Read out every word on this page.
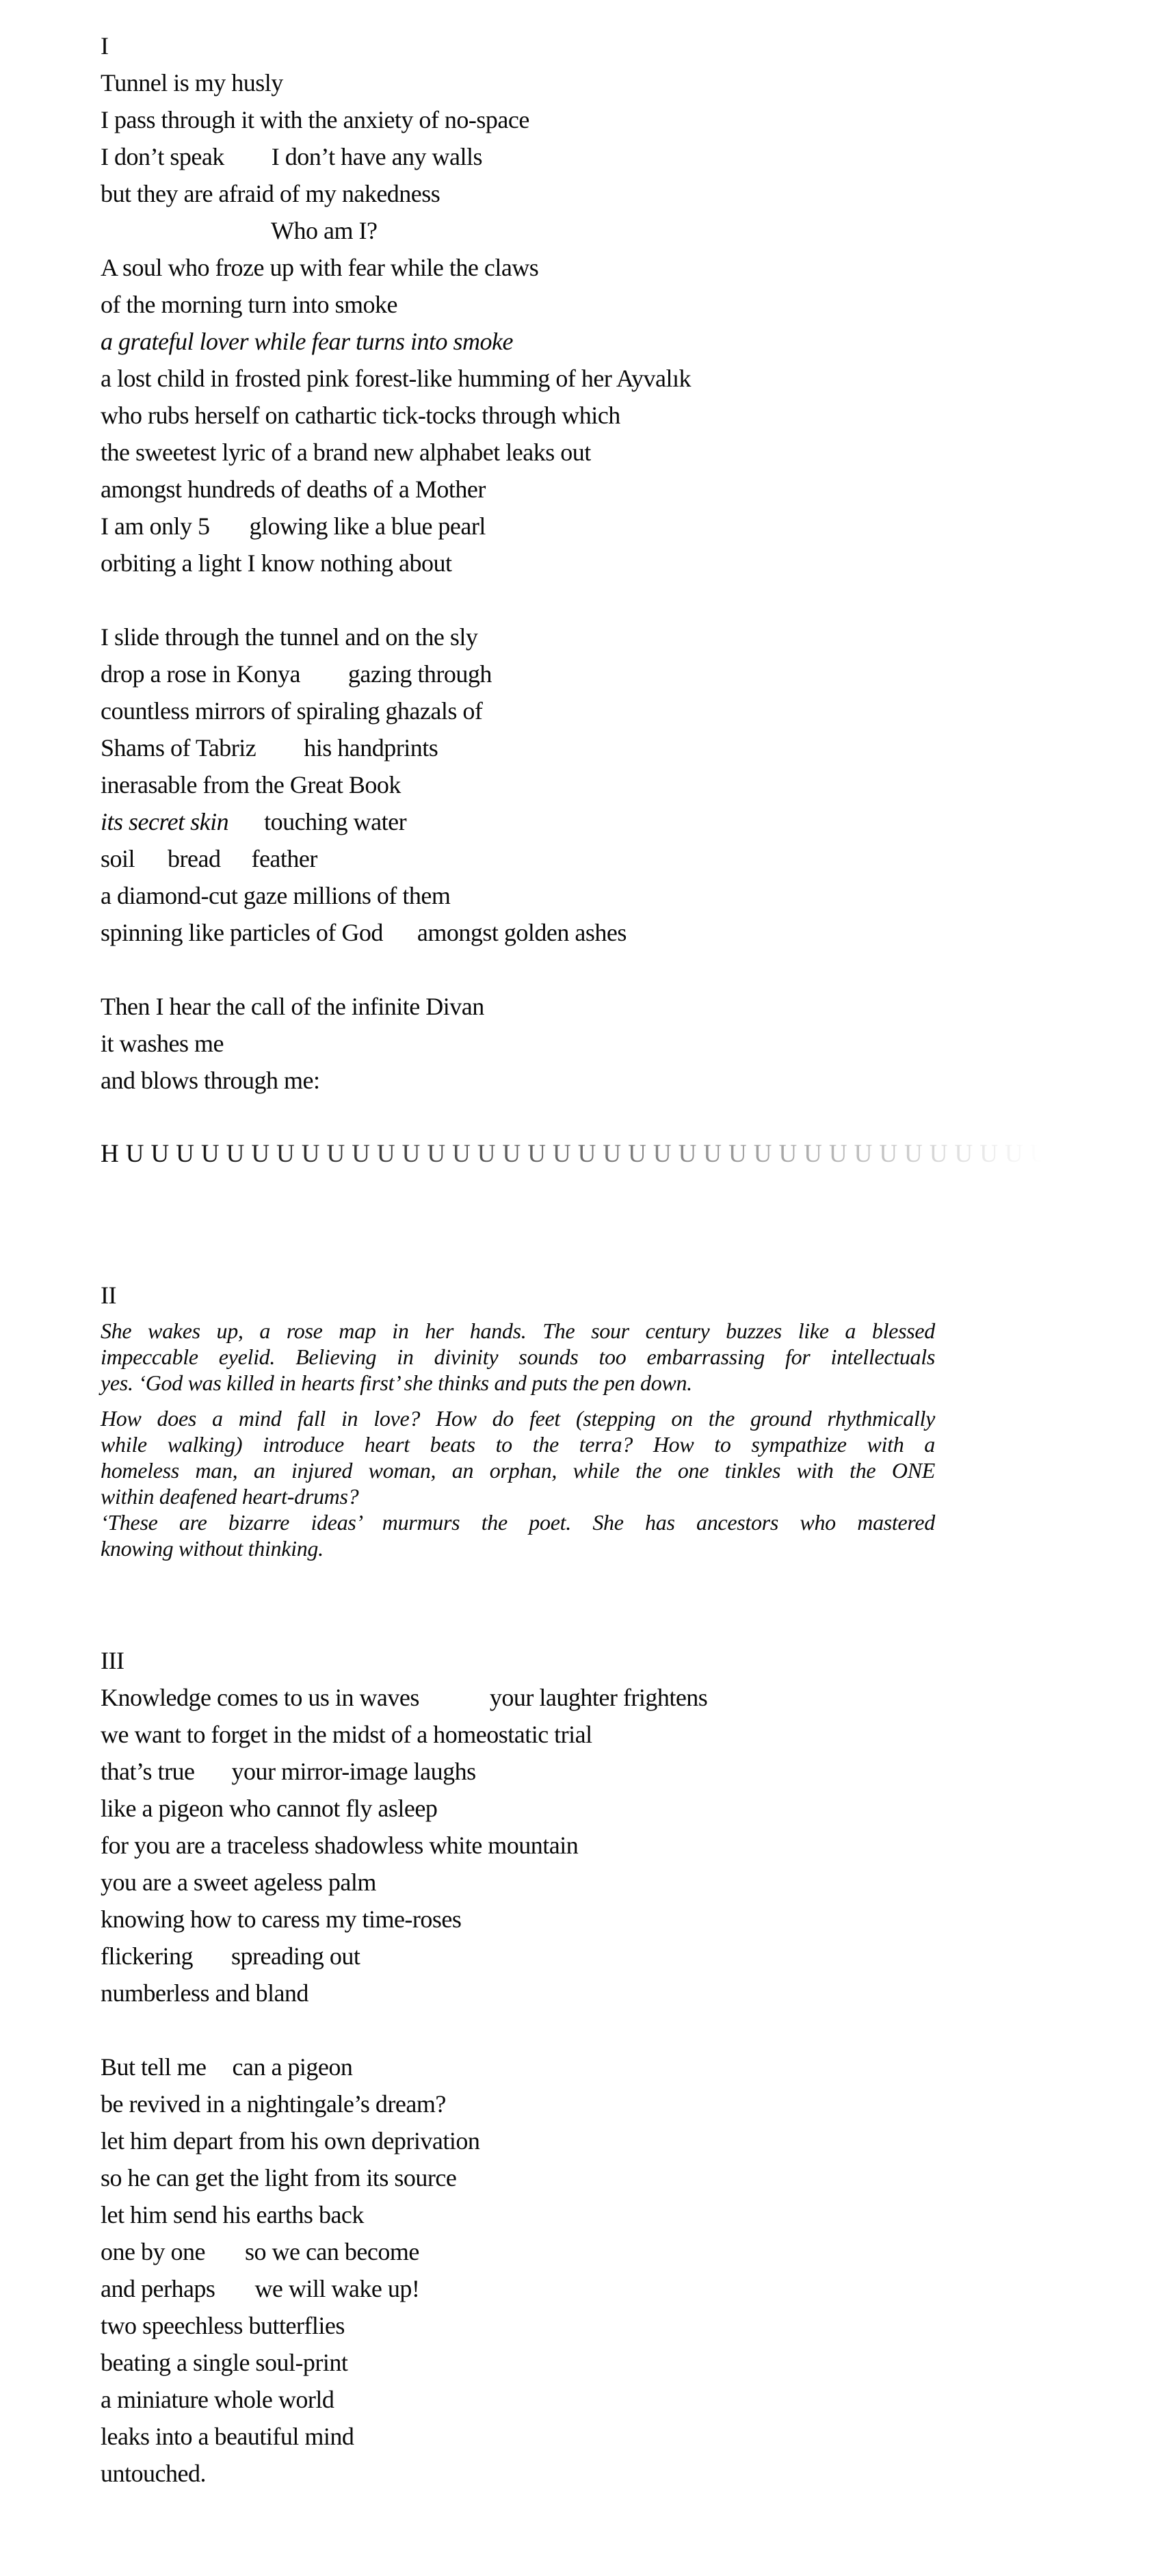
I
Tunnel is my husly
I pass through it with the anxiety of no-space
I don’t speak I don’t have any walls
but they are afraid of my nakedness
Who am I?
A soul who froze up with fear while the claws
of the morning turn into smoke
a grateful lover while fear turns into smoke
a lost child in frosted pink forest-like humming of her Ayvalık
who rubs herself on cathartic tick-tocks through which
the sweetest lyric of a brand new alphabet leaks out
amongst hundreds of deaths of a Mother
I am only 5 glowing like a blue pearl
orbiting a light I know nothing about
I slide through the tunnel and on the sly
drop a rose in Konya gazing through
countless mirrors of spiraling ghazals of
Shams of Tabriz his handprints
inerasable from the Great Book
its secret skin touching water
soil bread feather
a diamond-cut gaze millions of them
spinning like particles of God amongst golden ashes
Then I hear the call of the infinite Divan
it washes me
and blows through me:
HUUUUUUUUUUUUUUUUUUUUUUUUUUUUUUUUUUUUUUUUU
II
She wakes up, a rose map in her hands. The sour century buzzes like a blessed
impeccable eyelid. Believing in divinity sounds too embarrassing for intellectuals
yes. ‘God was killed in hearts first’ she thinks and puts the pen down.
How does a mind fall in love? How do feet (stepping on the ground rhythmically
while walking) introduce heart beats to the terra? How to sympathize with a
homeless man, an injured woman, an orphan, while the one tinkles with the ONE
within deafened heart-drums?
‘These are bizarre ideas’ murmurs the poet. She has ancestors who mastered
knowing without thinking.
III
Knowledge comes to us in waves	your laughter frightens
we want to forget in the midst of a homeostatic trial
that’s true your mirror-image laughs
like a pigeon who cannot fly asleep
for you are a traceless shadowless white mountain
you are a sweet ageless palm
knowing how to caress my time-roses
flickering spreading out
numberless and bland
But tell me can a pigeon
be revived in a nightingale’s dream?
let him depart from his own deprivation
so he can get the light from its source
let him send his earths back
one by one so we can become
and perhaps we will wake up!
two speechless butterflies
beating a single soul-print
a miniature whole world
leaks into a beautiful mind
untouched.
